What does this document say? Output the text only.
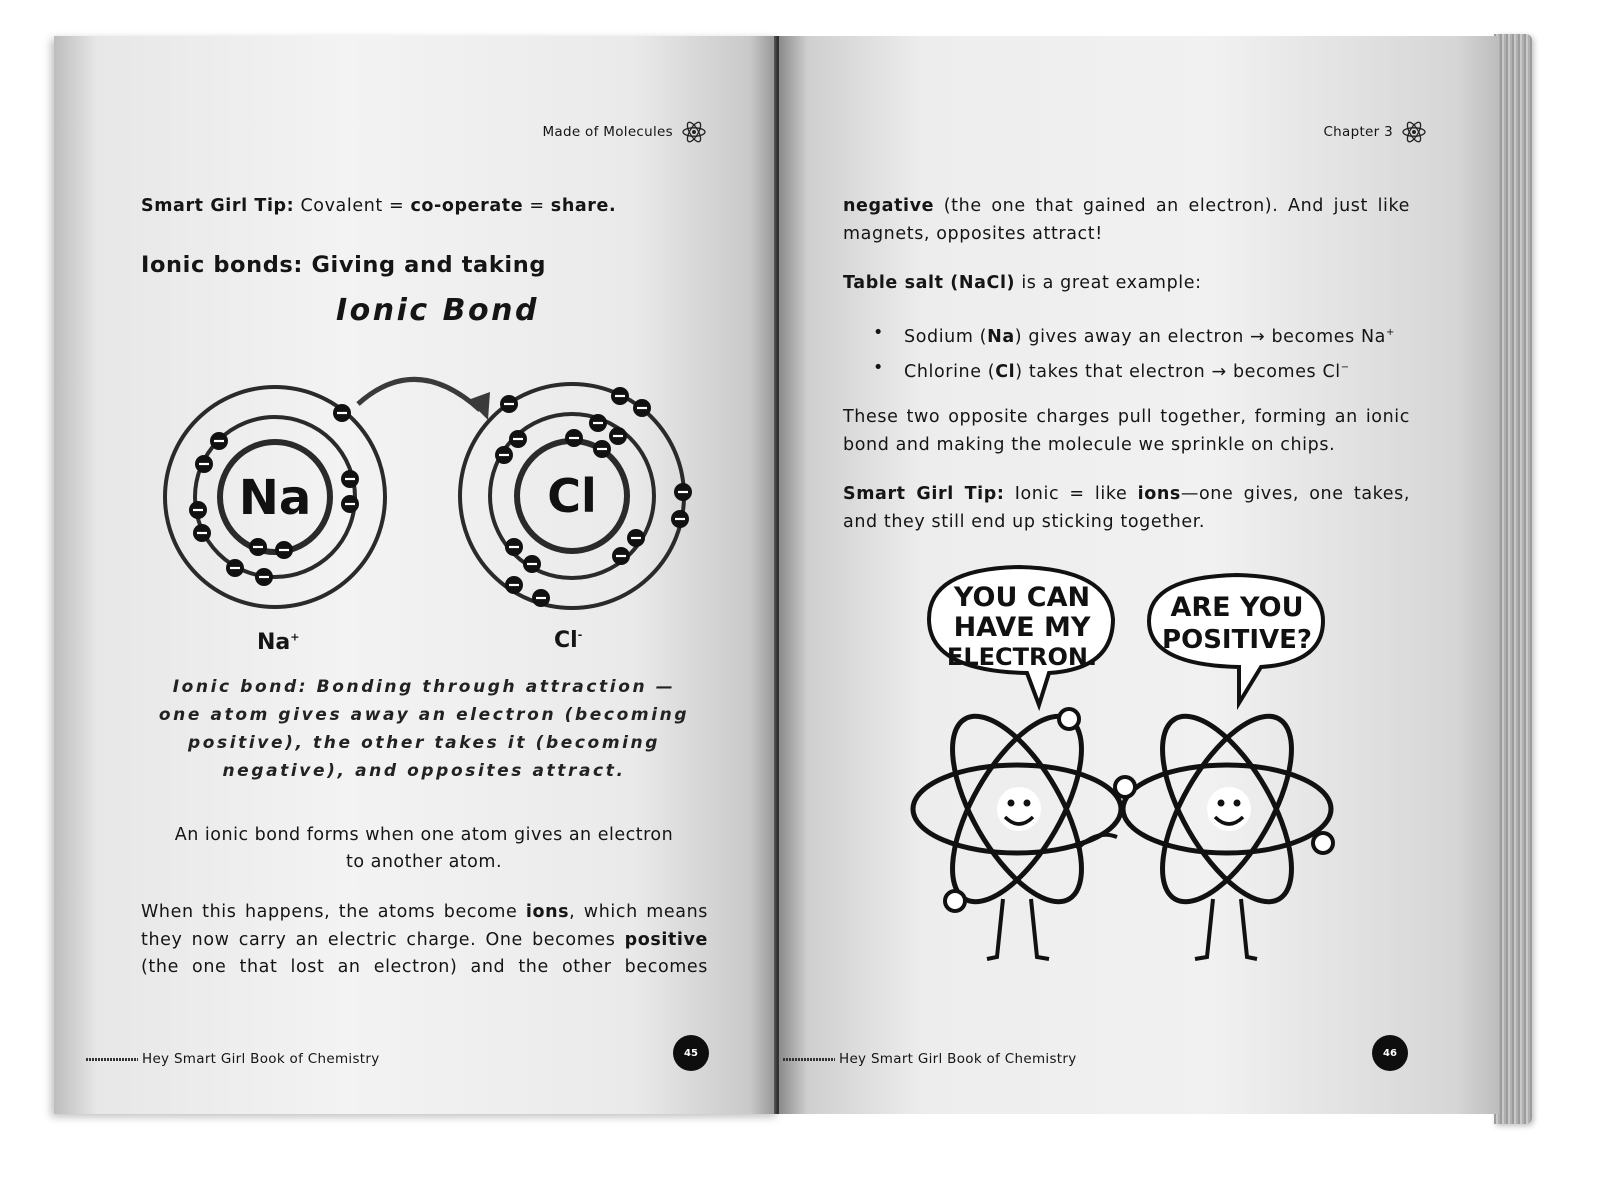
Made of Molecules
Smart Girl Tip: Covalent = co-operate = share.
Ionic bonds: Giving and taking
Ionic Bond
Na	Cl
Na+	Cl-
Ionic bond: Bonding through attraction — one atom gives away an electron (becoming positive), the other takes it (becoming negative), and opposites attract.
An ionic bond forms when one atom gives an electron to another atom.
When this happens, the atoms become ions, which means they now carry an electric charge. One becomes positive (the one that lost an electron) and the other becomes
Hey Smart Girl Book of Chemistry	45
Chapter 3
negative (the one that gained an electron). And just like magnets, opposites attract!
Table salt (NaCl) is a great example:
• Sodium (Na) gives away an electron → becomes Na+
• Chlorine (Cl) takes that electron → becomes Cl−
These two opposite charges pull together, forming an ionic bond and making the molecule we sprinkle on chips.
Smart Girl Tip: Ionic = like ions—one gives, one takes, and they still end up sticking together.
YOU CAN
HAVE MY
ELECTRON.
ARE YOU
POSITIVE?
Hey Smart Girl Book of Chemistry	46
